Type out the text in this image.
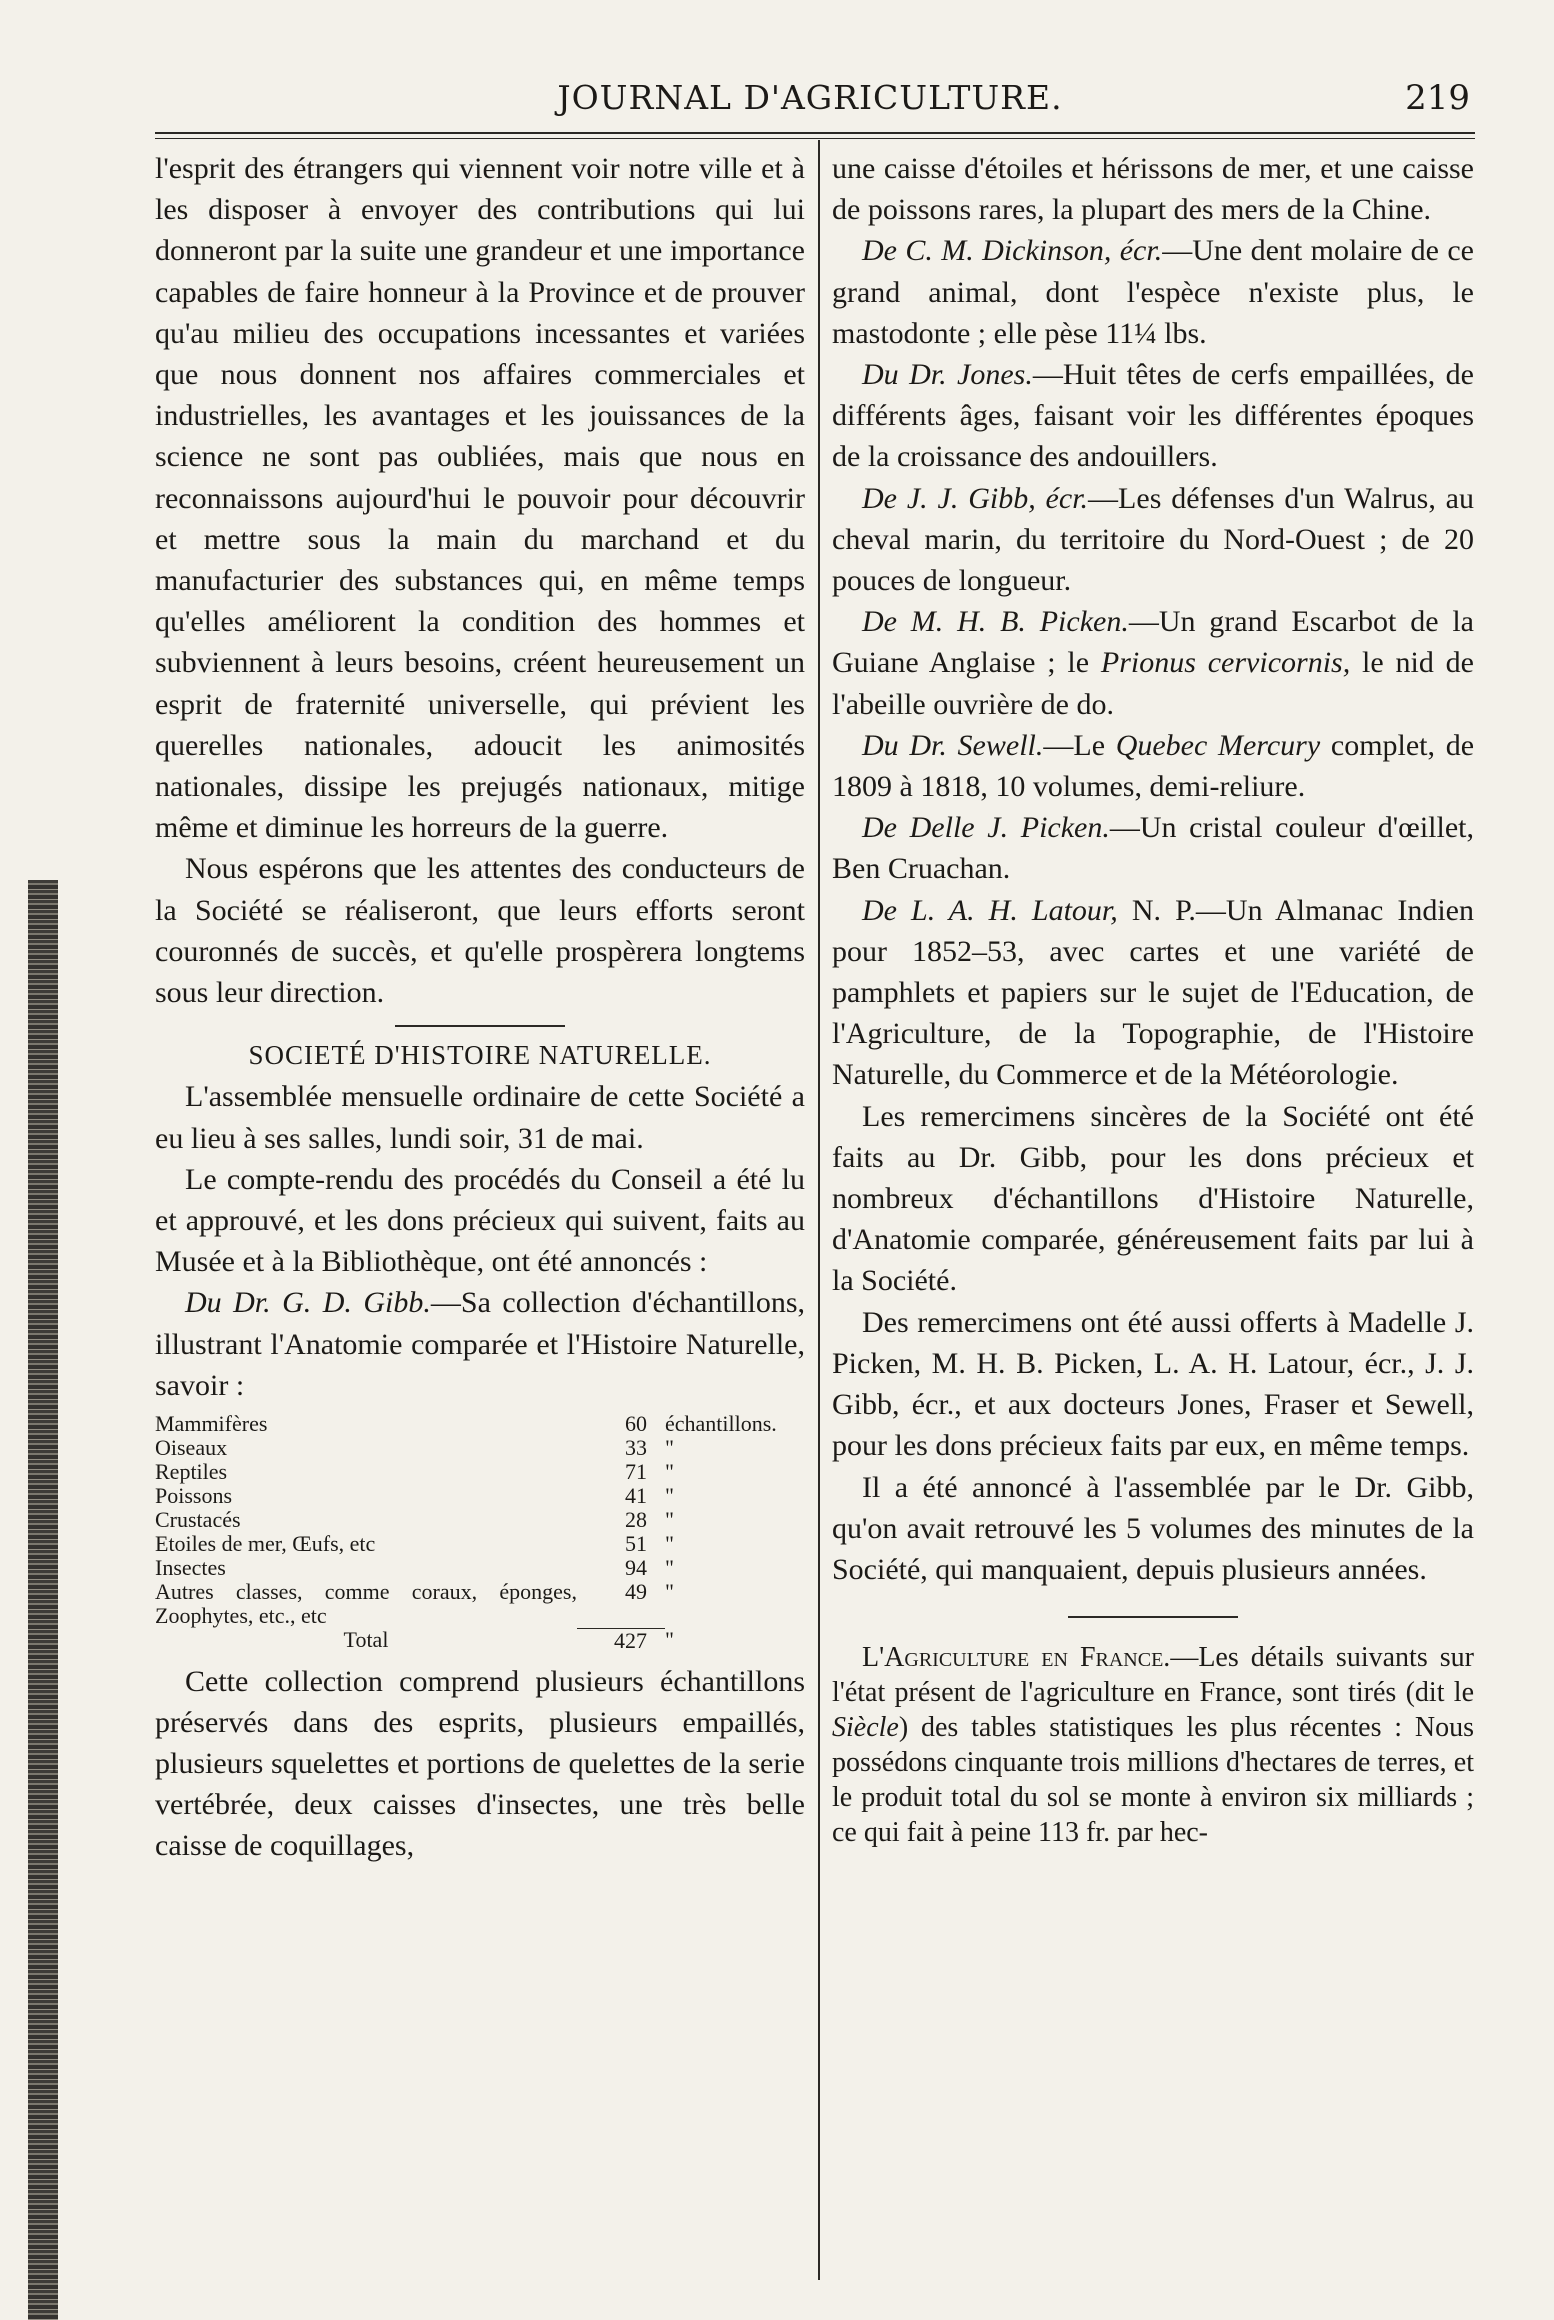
JOURNAL D'AGRICULTURE.	219

l'esprit des étrangers qui viennent voir notre ville et à les disposer à envoyer des contributions qui lui donneront par la suite une grandeur et une importance capables de faire honneur à la Province et de prouver qu'au milieu des occupations incessantes et variées que nous donnent nos affaires commerciales et industrielles, les avantages et les jouissances de la science ne sont pas oubliées, mais que nous en reconnaissons aujourd'hui le pouvoir pour découvrir et mettre sous la main du marchand et du manufacturier des substances qui, en même temps qu'elles améliorent la condition des hommes et subviennent à leurs besoins, créent heureusement un esprit de fraternité universelle, qui prévient les querelles nationales, adoucit les animosités nationales, dissipe les prejugés nationaux, mitige même et diminue les horreurs de la guerre.

Nous espérons que les attentes des conducteurs de la Société se réaliseront, que leurs efforts seront couronnés de succès, et qu'elle prospèrera longtems sous leur direction.

SOCIETÉ D'HISTOIRE NATURELLE.

L'assemblée mensuelle ordinaire de cette Société a eu lieu à ses salles, lundi soir, 31 de mai.

Le compte-rendu des procédés du Conseil a été lu et approuvé, et les dons précieux qui suivent, faits au Musée et à la Bibliothèque, ont été annoncés :

Du Dr. G. D. Gibb.—Sa collection d'échantillons, illustrant l'Anatomie comparée et l'Histoire Naturelle, savoir :

Mammifères	60	échantillons.
Oiseaux	33	"
Reptiles	71	"
Poissons	41	"
Crustacés	28	"
Etoiles de mer, Œufs, etc	51	"
Insectes	94	"
Autres classes, comme coraux, éponges, Zoophytes, etc., etc	49	"
Total	427	"

Cette collection comprend plusieurs échantillons préservés dans des esprits, plusieurs empaillés, plusieurs squelettes et portions de quelettes de la serie vertébrée, deux caisses d'insectes, une très belle caisse de coquillages,

une caisse d'étoiles et hérissons de mer, et une caisse de poissons rares, la plupart des mers de la Chine.

De C. M. Dickinson, écr.—Une dent molaire de ce grand animal, dont l'espèce n'existe plus, le mastodonte ; elle pèse 11¼ lbs.

Du Dr. Jones.—Huit têtes de cerfs empaillées, de différents âges, faisant voir les différentes époques de la croissance des andouillers.

De J. J. Gibb, écr.—Les défenses d'un Walrus, au cheval marin, du territoire du Nord-Ouest ; de 20 pouces de longueur.

De M. H. B. Picken.—Un grand Escarbot de la Guiane Anglaise ; le Prionus cervicornis, le nid de l'abeille ouvrière de do.

Du Dr. Sewell.—Le Quebec Mercury complet, de 1809 à 1818, 10 volumes, demi-reliure.

De Delle J. Picken.—Un cristal couleur d'œillet, Ben Cruachan.

De L. A. H. Latour, N. P.—Un Almanac Indien pour 1852–53, avec cartes et une variété de pamphlets et papiers sur le sujet de l'Education, de l'Agriculture, de la Topographie, de l'Histoire Naturelle, du Commerce et de la Météorologie.

Les remercimens sincères de la Société ont été faits au Dr. Gibb, pour les dons précieux et nombreux d'échantillons d'Histoire Naturelle, d'Anatomie comparée, généreusement faits par lui à la Société.

Des remercimens ont été aussi offerts à Madelle J. Picken, M. H. B. Picken, L. A. H. Latour, écr., J. J. Gibb, écr., et aux docteurs Jones, Fraser et Sewell, pour les dons précieux faits par eux, en même temps.

Il a été annoncé à l'assemblée par le Dr. Gibb, qu'on avait retrouvé les 5 volumes des minutes de la Société, qui manquaient, depuis plusieurs années.

L'Agriculture en France.—Les détails suivants sur l'état présent de l'agriculture en France, sont tirés (dit le Siècle) des tables statistiques les plus récentes : Nous possédons cinquante trois millions d'hectares de terres, et le produit total du sol se monte à environ six milliards ; ce qui fait à peine 113 fr. par hec-
